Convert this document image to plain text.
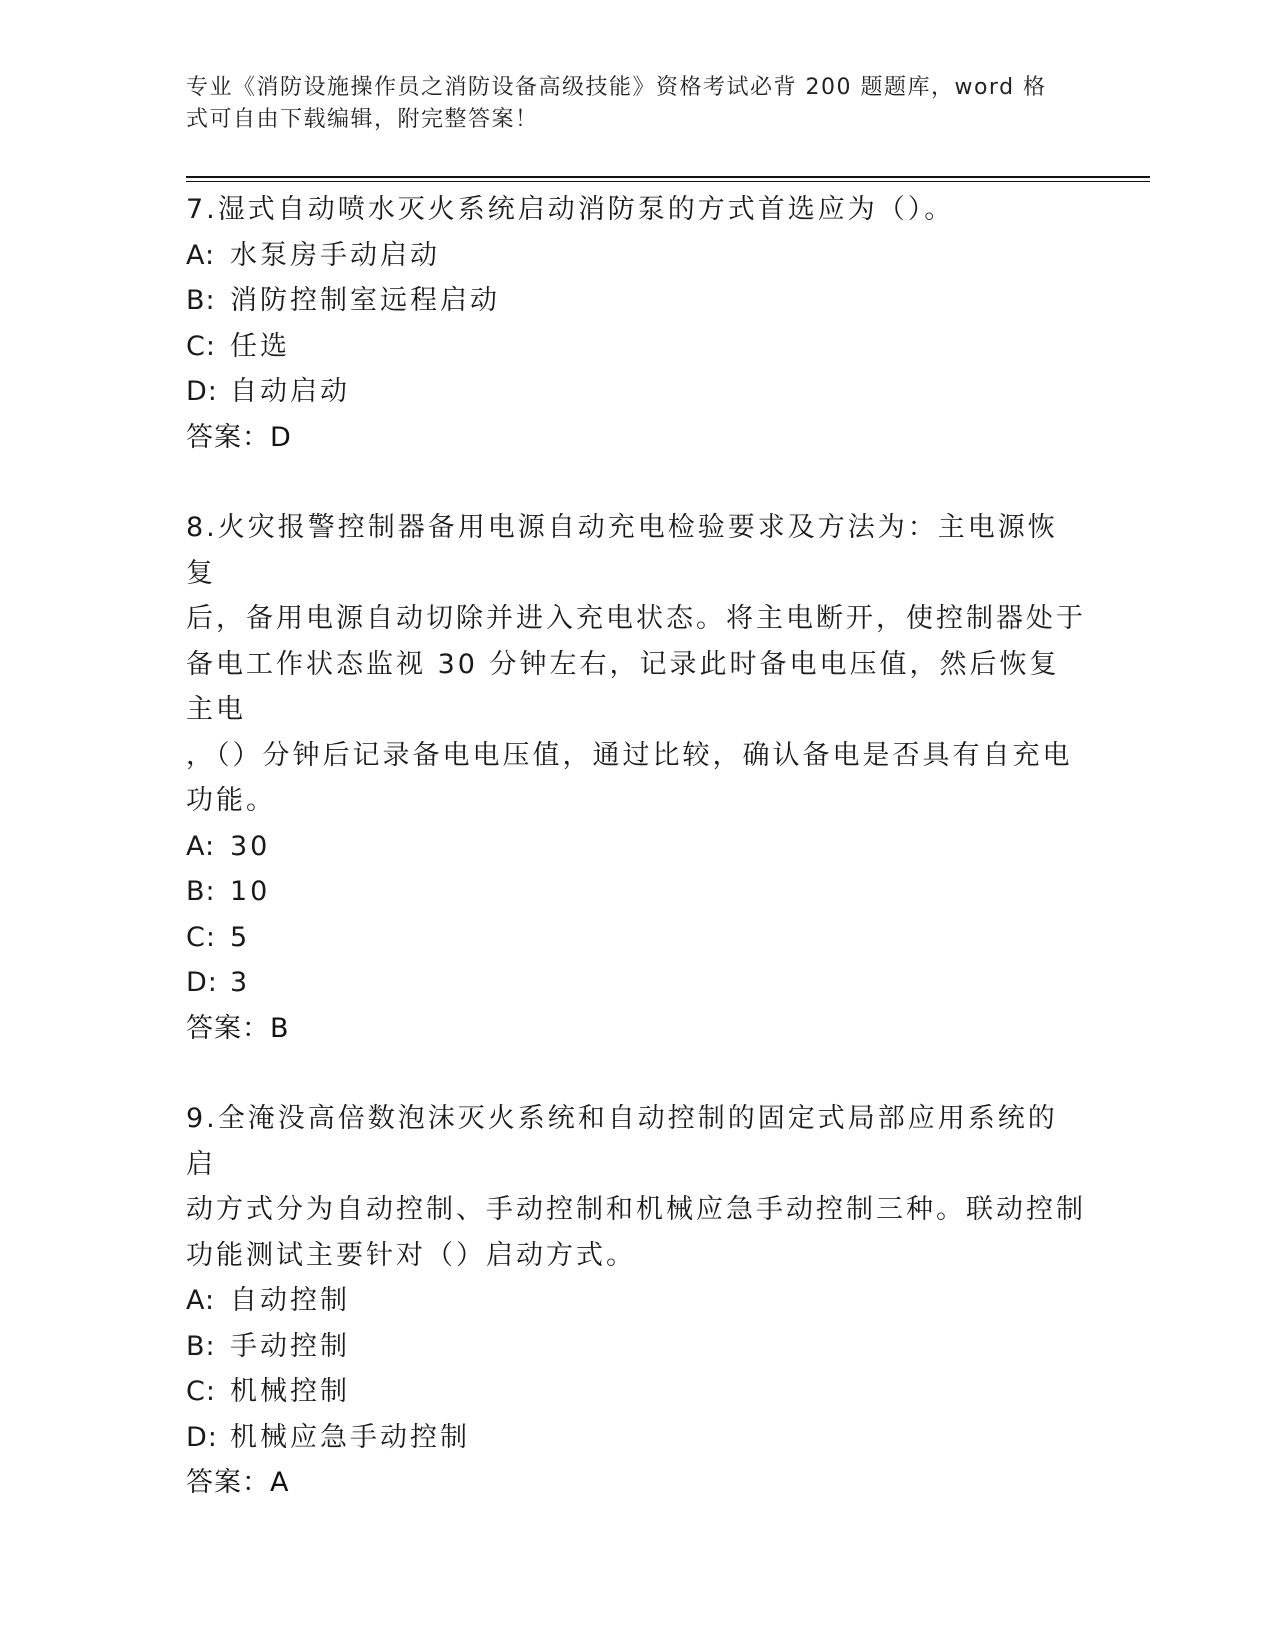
专业《消防设施操作员之消防设备高级技能》资格考试必背 200 题题库，word 格
式可自由下载编辑，附完整答案！

7.湿式自动喷水灭火系统启动消防泵的方式首选应为（）。

A: 水泵房手动启动

B: 消防控制室远程启动

C: 任选

D: 自动启动

答案：D

8.火灾报警控制器备用电源自动充电检验要求及方法为：主电源恢复

后，备用电源自动切除并进入充电状态。将主电断开，使控制器处于

备电工作状态监视 30 分钟左右，记录此时备电电压值，然后恢复主电

，（）分钟后记录备电电压值，通过比较，确认备电是否具有自充电

功能。

A: 30

B: 10

C: 5

D: 3

答案：B

9.全淹没高倍数泡沫灭火系统和自动控制的固定式局部应用系统的启

动方式分为自动控制、手动控制和机械应急手动控制三种。联动控制

功能测试主要针对（）启动方式。

A: 自动控制

B: 手动控制

C: 机械控制

D: 机械应急手动控制

答案：A
